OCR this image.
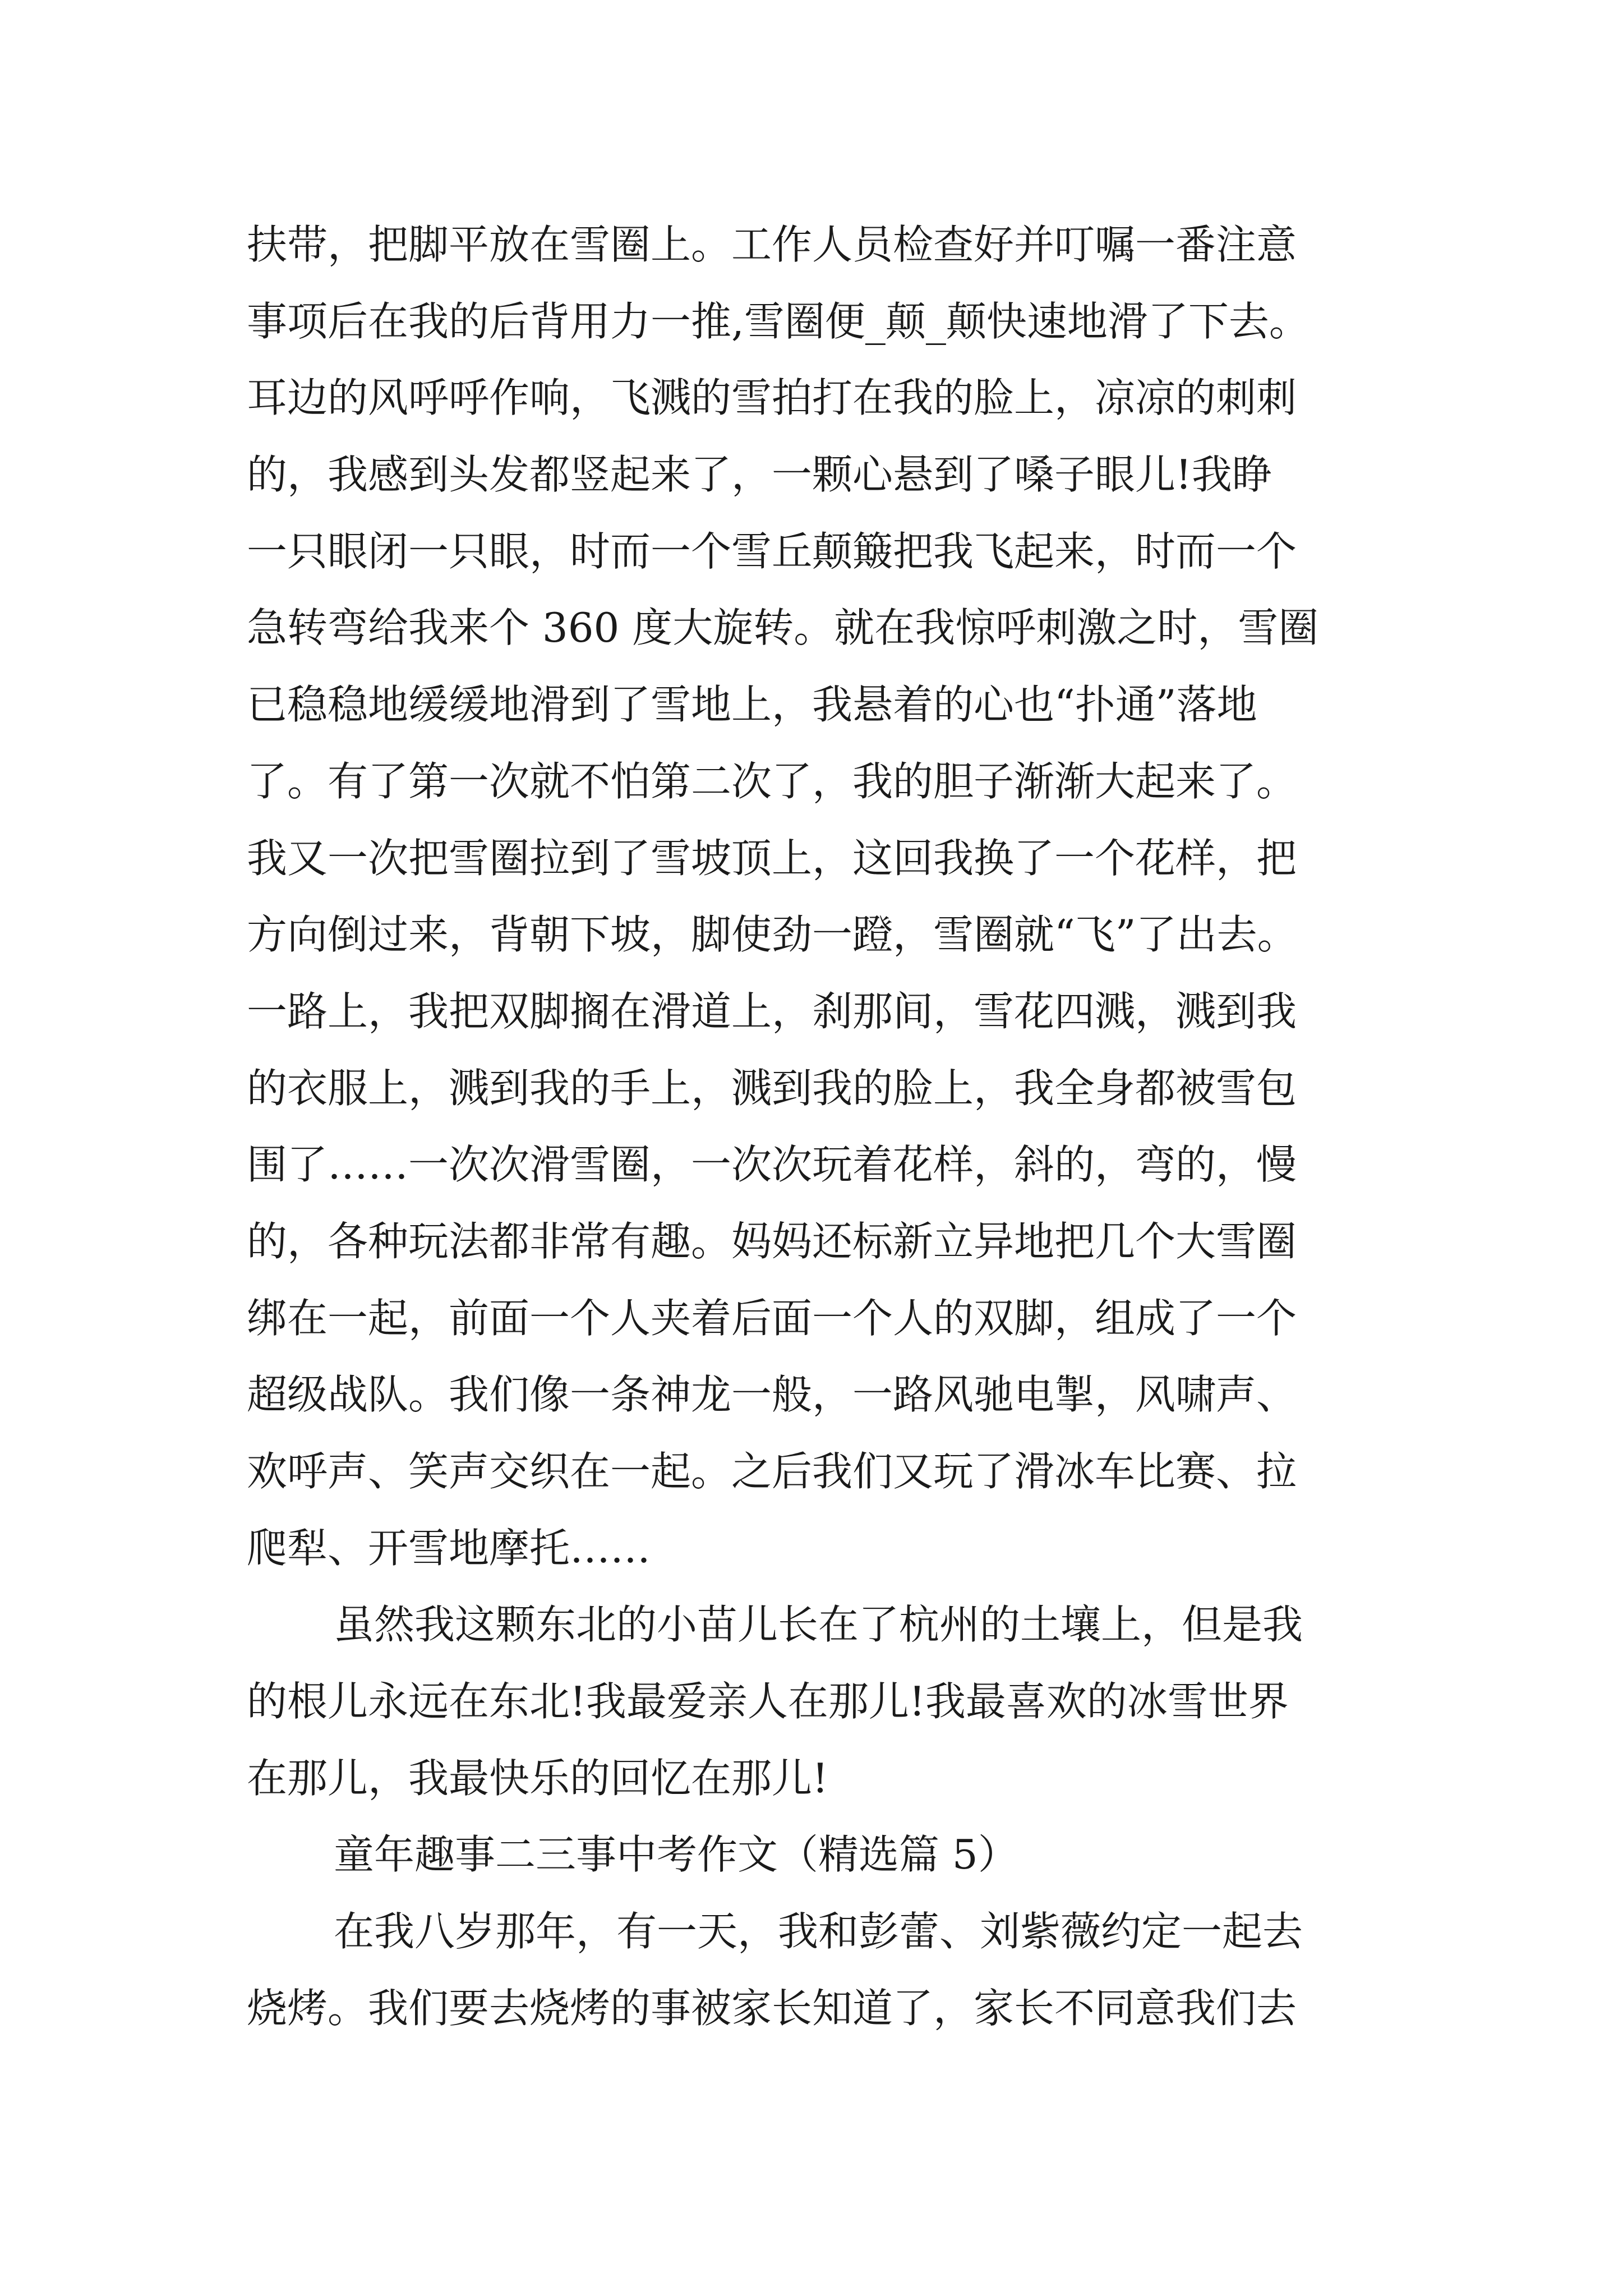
扶带，把脚平放在雪圈上。工作人员检查好并叮嘱一番注意
事项后在我的后背用力一推,雪圈便_颠_颠快速地滑了下去。
耳边的风呼呼作响，飞溅的雪拍打在我的脸上，凉凉的刺刺
的，我感到头发都竖起来了，一颗心悬到了嗓子眼儿!我睁
一只眼闭一只眼，时而一个雪丘颠簸把我飞起来，时而一个
急转弯给我来个 360 度大旋转。就在我惊呼刺激之时，雪圈
已稳稳地缓缓地滑到了雪地上，我悬着的心也“扑通”落地
了。有了第一次就不怕第二次了，我的胆子渐渐大起来了。
我又一次把雪圈拉到了雪坡顶上，这回我换了一个花样，把
方向倒过来，背朝下坡，脚使劲一蹬，雪圈就“飞”了出去。
一路上，我把双脚搁在滑道上，刹那间，雪花四溅，溅到我
的衣服上，溅到我的手上，溅到我的脸上，我全身都被雪包
围了……一次次滑雪圈，一次次玩着花样，斜的，弯的，慢
的，各种玩法都非常有趣。妈妈还标新立异地把几个大雪圈
绑在一起，前面一个人夹着后面一个人的双脚，组成了一个
超级战队。我们像一条神龙一般，一路风驰电掣，风啸声、
欢呼声、笑声交织在一起。之后我们又玩了滑冰车比赛、拉
爬犁、开雪地摩托……
虽然我这颗东北的小苗儿长在了杭州的土壤上，但是我
的根儿永远在东北!我最爱亲人在那儿!我最喜欢的冰雪世界
在那儿，我最快乐的回忆在那儿!
童年趣事二三事中考作文（精选篇 5）
在我八岁那年，有一天，我和彭蕾、刘紫薇约定一起去
烧烤。我们要去烧烤的事被家长知道了，家长不同意我们去
